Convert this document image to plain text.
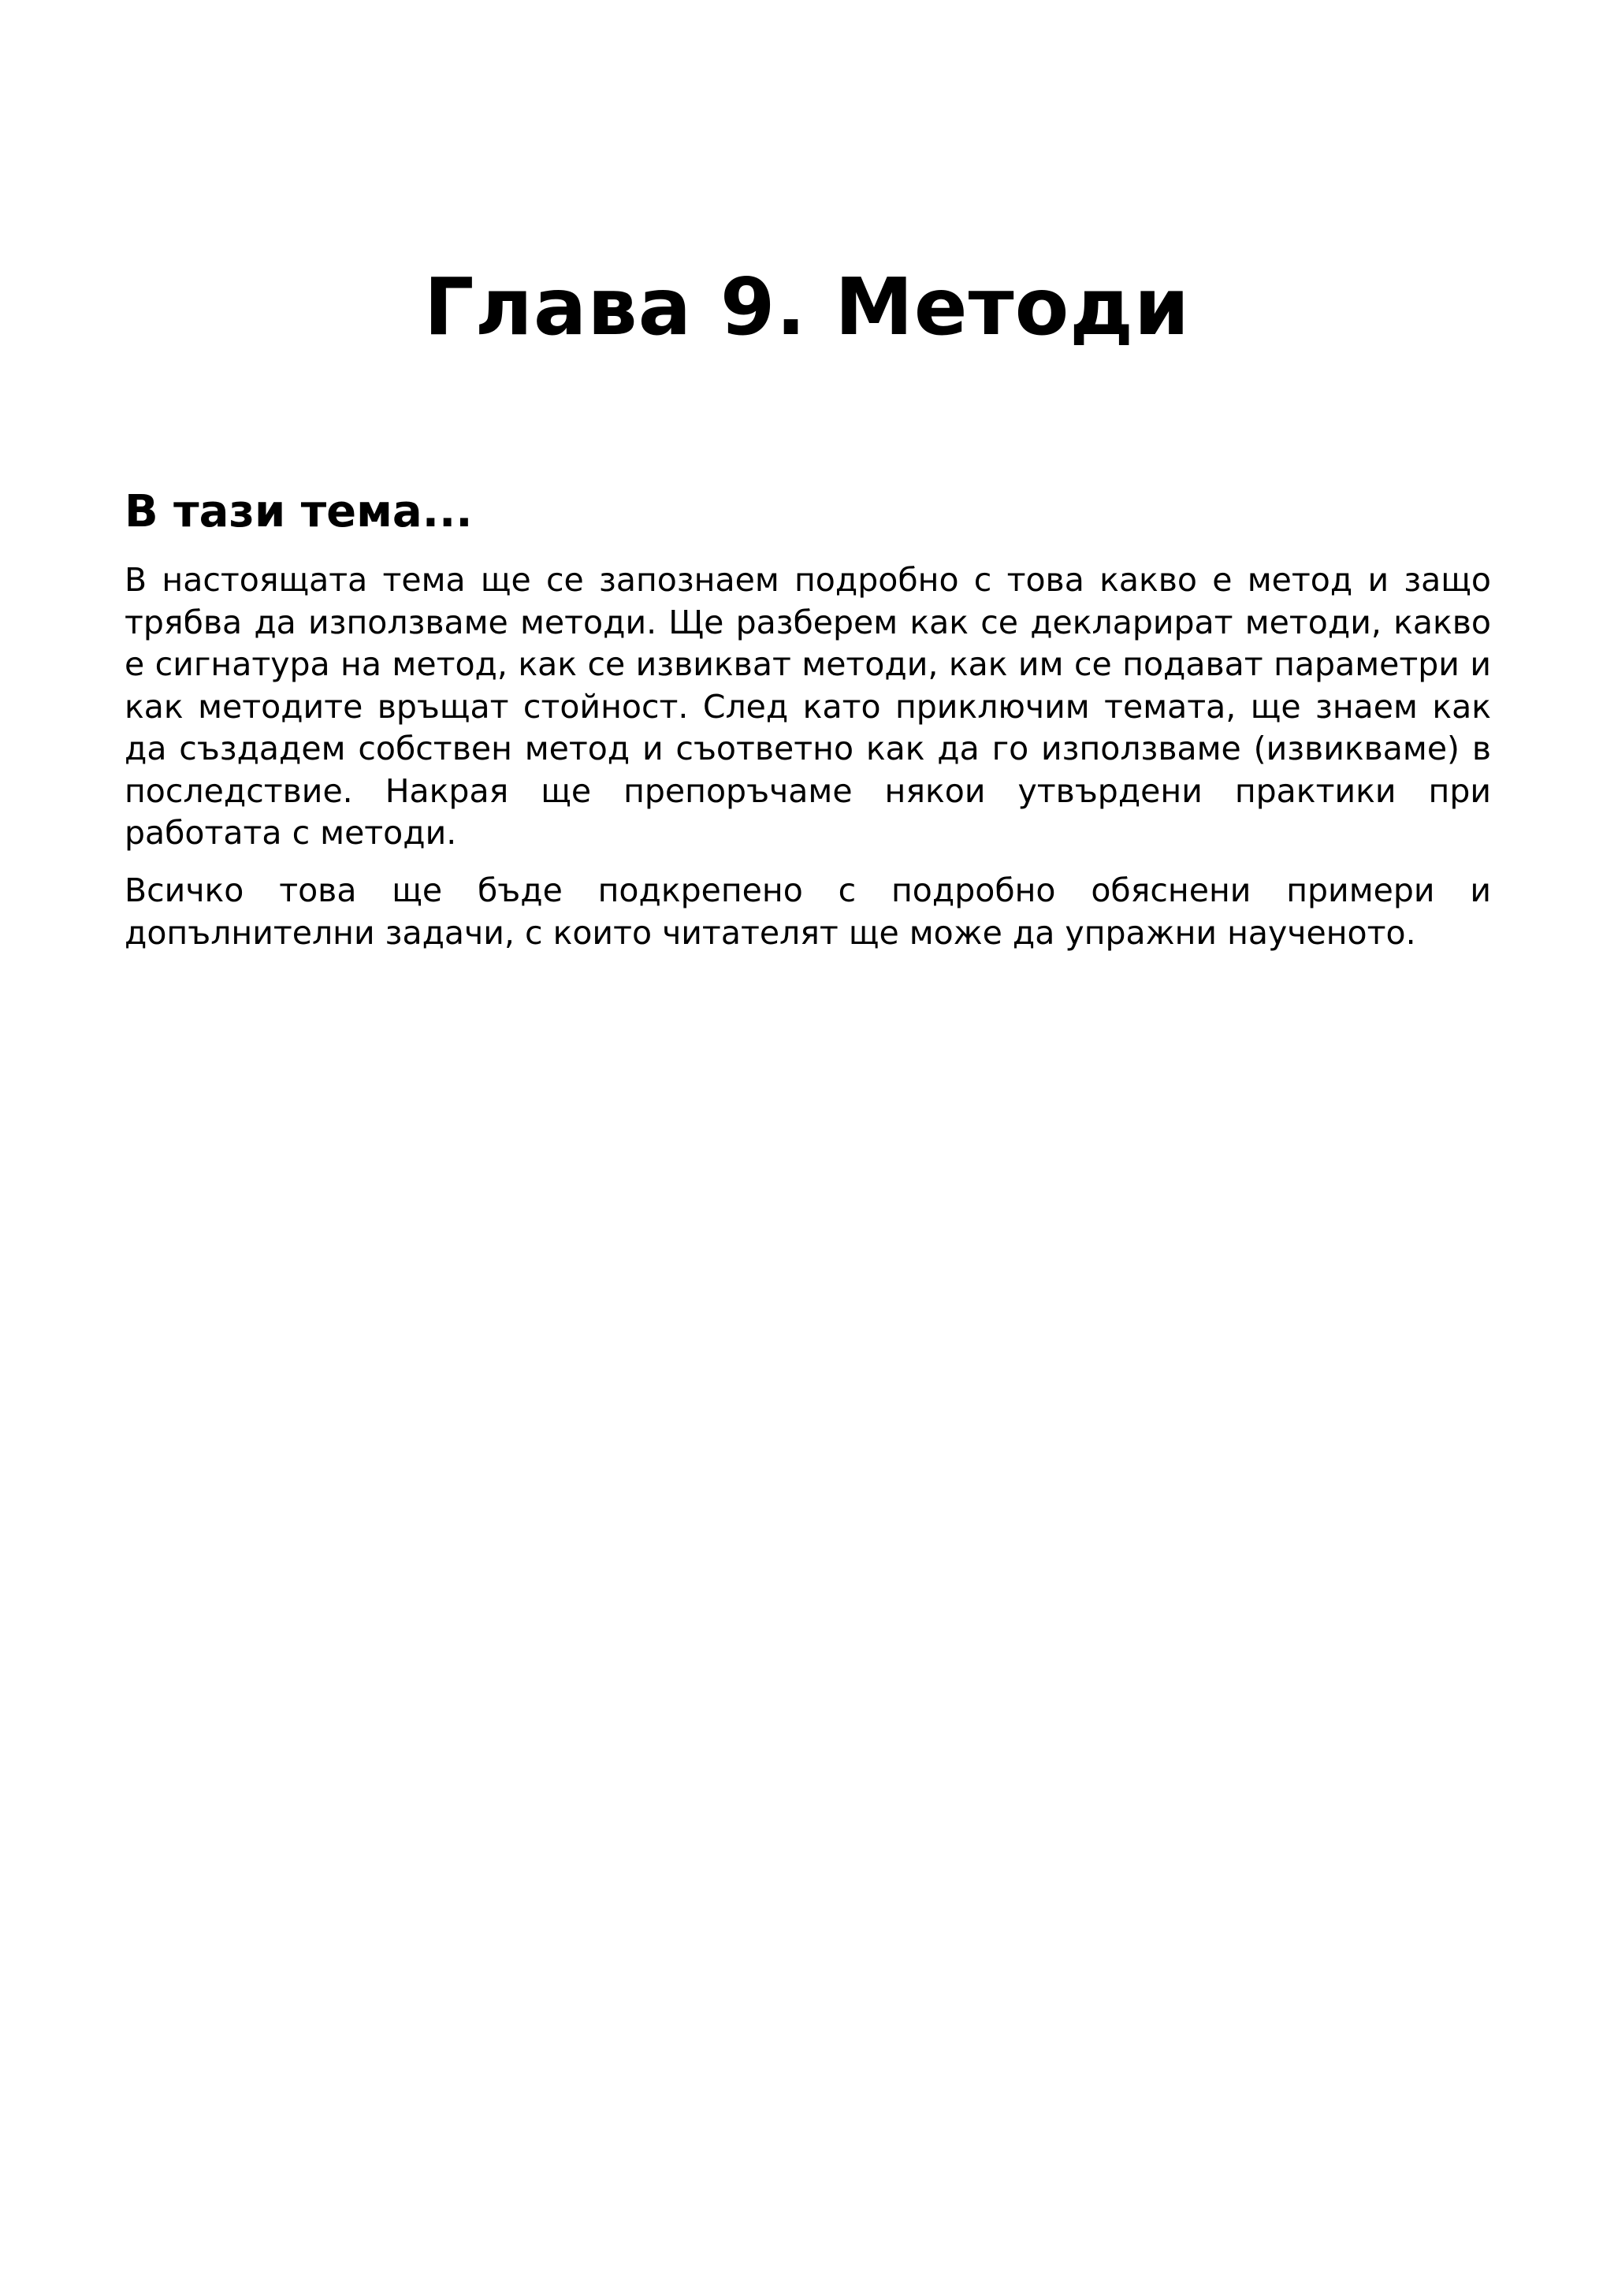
Глава 9. Методи
В тази тема...

В настоящата тема ще се запознаем подробно с това какво е метод и защо трябва да използваме методи. Ще разберем как се декларират методи, какво е сигнатура на метод, как се извикват методи, как им се подават параметри и как методите връщат стойност. След като приключим темата, ще знаем как да създадем собствен метод и съответно как да го използваме (извикваме) в последствие. Накрая ще препоръчаме някои утвърдени практики при работата с методи.

Всичко това ще бъде подкрепено с подробно обяснени примери и допълнителни задачи, с които читателят ще може да упражни наученото.
